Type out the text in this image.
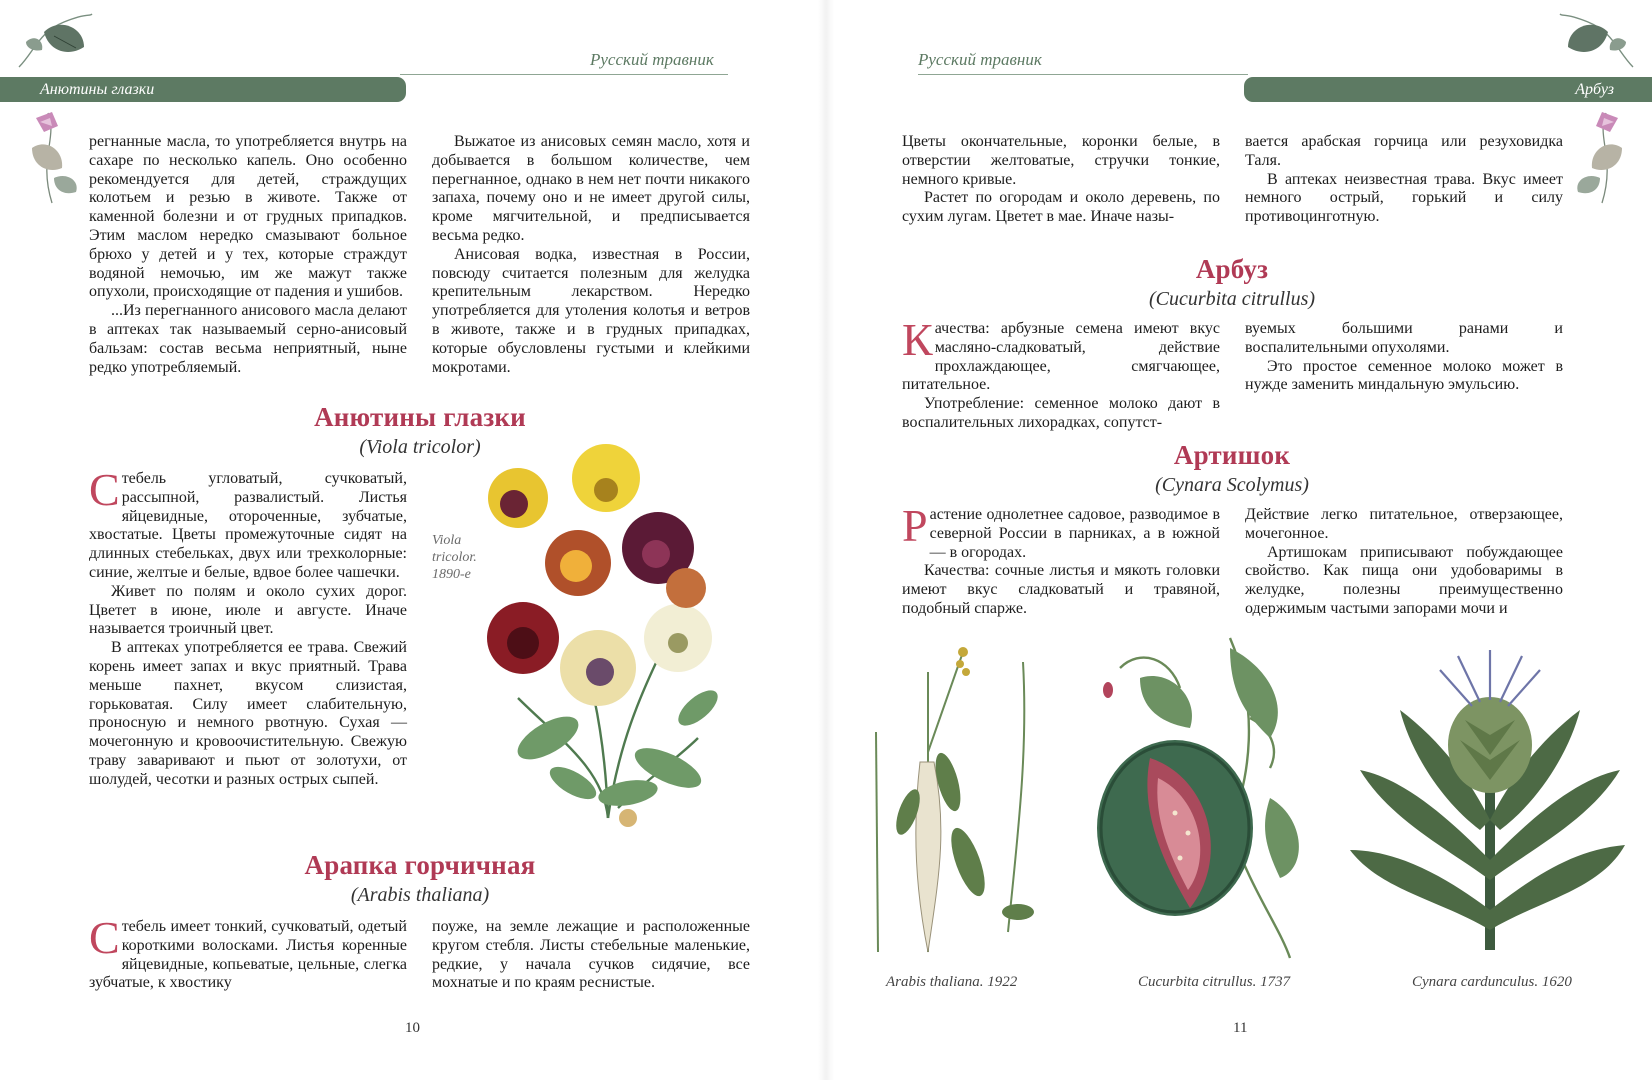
Русский травник	Русский травник
Анютины глазки	Арбуз

регнанные масла, то употребляется внутрь на сахаре по несколько капель. Оно особенно рекомендуется для детей, страждущих колотьем и резью в животе. Также от каменной болезни и от грудных припадков. Этим маслом нередко смазывают больное брюхо у детей и у тех, которые страждут водяной немочью, им же мажут также опухоли, происходящие от падения и ушибов.

...Из перегнанного анисового масла делают в аптеках так называемый серно-анисовый бальзам: состав весьма неприятный, ныне редко употребляемый.

Выжатое из анисовых семян масло, хотя и добывается в большом количестве, чем перегнанное, однако в нем нет почти никакого запаха, почему оно и не имеет другой силы, кроме мягчительной, и предписывается весьма редко.

Анисовая водка, известная в России, повсюду считается полезным для желудка крепительным лекарством. Нередко употребляется для утоления колотья и ветров в животе, также и в грудных припадках, которые обусловлены густыми и клейкими мокротами.

Анютины глазки
(Viola tricolor)

Стебель угловатый, сучковатый, расcыпной, развалистый. Листья яйцевидные, отороченные, зубчатые, хвостатые. Цветы промежуточные сидят на длинных стебельках, двух или трехколорные: синие, желтые и белые, вдвое более чашечки.

Живет по полям и около сухих дорог. Цветет в июне, июле и августе. Иначе называется троичный цвет.

В аптеках употребляется ее трава. Свежий корень имеет запах и вкус приятный. Трава меньше пахнет, вкусом слизистая, горьковатая. Силу имеет слабительную, проносную и немного рвотную. Сухая — мочегонную и кровоочистительную. Свежую траву заваривают и пьют от золотухи, от шолудей, чесотки и разных острых сыпей.

Viola
tricolor.
1890-е
Арапка горчичная
(Arabis thaliana)

Стебель имеет тонкий, сучковатый, одетый короткими волосками. Листья коренные яйцевидные, копьеватые, цельные, слегка зубчатые, к хвостику

поуже, на земле лежащие и расположенные кругом стебля. Листы стебельные маленькие, редкие, у начала сучков сидячие, все мохнатые и по краям реснистые.

10

Цветы окончательные, коронки белые, в отверстии желтоватые, стручки тонкие, немного кривые.

Растет по огородам и около деревень, по сухим лугам. Цветет в мае. Иначе назы-

вается арабская горчица или резуховидка Таля.

В аптеках неизвестная трава. Вкус имеет немного острый, горький и силу противоцинготную.

Арбуз
(Cucurbita citrullus)

Качества: арбузные семена имеют вкус масляно-сладковатый, действие прохлаждающее, смягчающее, питательное.

Употребление: семенное молоко дают в воспалительных лихорадках, сопутст-

вуемых большими ранами и воспалительными опухолями.

Это простое семенное молоко может в нужде заменить миндальную эмульсию.

Артишок
(Cynara Scolymus)

Растение однолетнее садовое, разводимое в северной России в парниках, а в южной — в огородах.

Качества: сочные листья и мякоть головки имеют вкус сладковатый и травяной, подобный спарже.

Действие легко питательное, отверзающее, мочегонное.

Артишокам приписывают побуждающее свойство. Как пища они удобоваримы в желудке, полезны преимущественно одержимым частыми запорами мочи и

Arabis thaliana. 1922	Cucurbita citrullus. 1737	Cynara cardunculus. 1620
11
